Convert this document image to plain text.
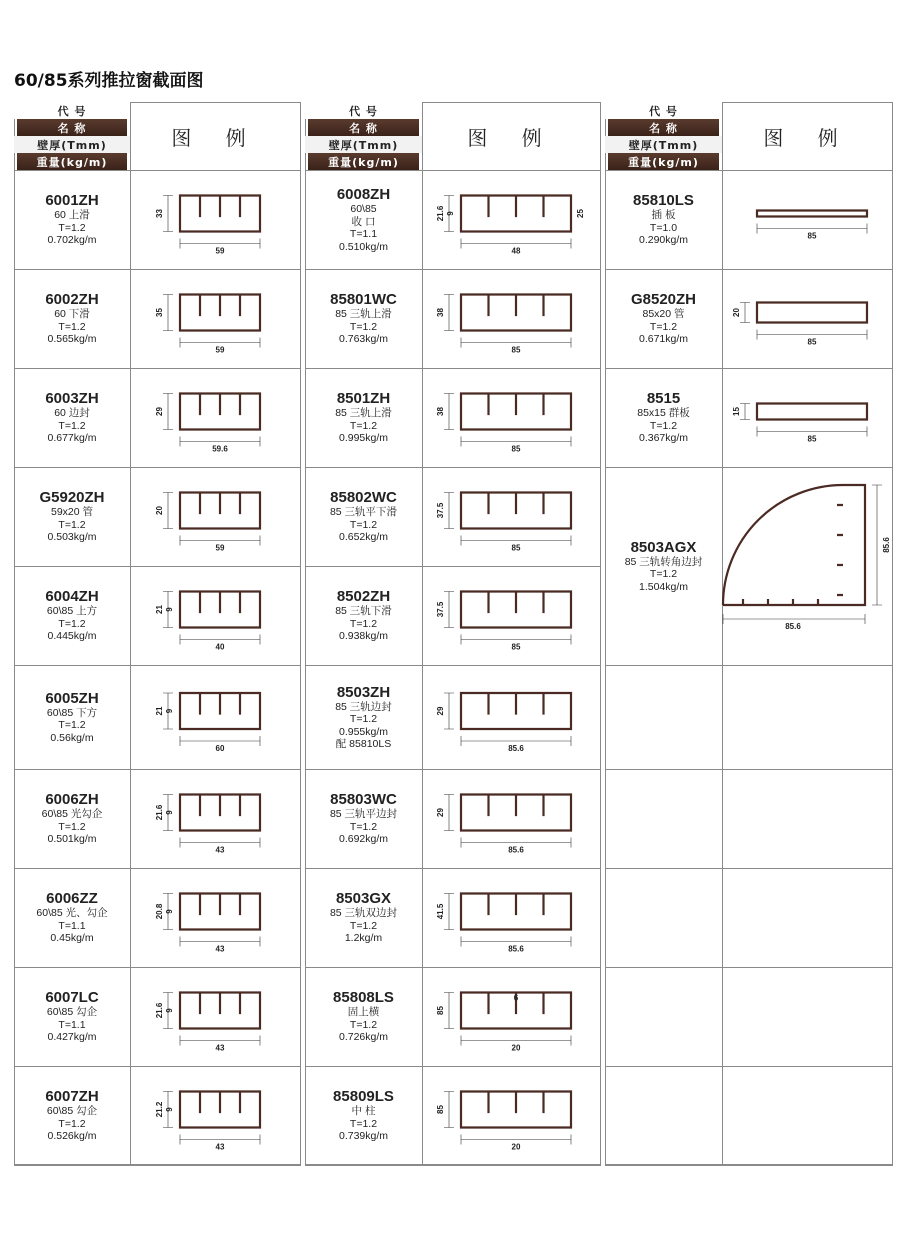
60/85系列推拉窗截面图
代 号
名 称
壁厚(Tmm)
重量(kg/m)
图 例
6001ZH
60 上滑
T=1.2
0.702kg/m
59
33
6002ZH
60 下滑
T=1.2
0.565kg/m
59
35
6003ZH
60 边封
T=1.2
0.677kg/m
59.6
29
G5920ZH
59x20 管
T=1.2
0.503kg/m
59
20
6004ZH
60\85 上方
T=1.2
0.445kg/m
40
21 9
6005ZH
60\85 下方
T=1.2
0.56kg/m
60
21 9
6006ZH
60\85 光勾企
T=1.2
0.501kg/m
43
21.6 9
6006ZZ
60\85 光、勾企
T=1.1
0.45kg/m
43
20.8 9
6007LC
60\85 勾企
T=1.1
0.427kg/m
43
21.6 9
6007ZH
60\85 勾企
T=1.2
0.526kg/m
43
21.2 9
代 号
名 称
壁厚(Tmm)
重量(kg/m)
图 例
6008ZH
60\85
收 口
T=1.1
0.510kg/m	48
21.6 9	25
85801WC
85 三轨上滑
T=1.2
0.763kg/m
85
38
8501ZH
85 三轨上滑
T=1.2
0.995kg/m
85
38
85802WC
85 三轨平下滑
T=1.2
0.652kg/m
85
37.5
8502ZH
85 三轨下滑
T=1.2
0.938kg/m
85
37.5
8503ZH
85 三轨边封
T=1.2
0.955kg/m
配 85810LS	85.6
29
85803WC
85 三轨平边封
T=1.2
0.692kg/m
85.6
29
8503GX
85 三轨双边封
T=1.2
1.2kg/m
85.6
41.5
85808LS
固上横
T=1.2
0.726kg/m
20
85
6
85809LS
中 柱
T=1.2
0.739kg/m
20
85
代 号
名 称
壁厚(Tmm)
重量(kg/m)
图 例
85810LS
插 板
T=1.0
0.290kg/m	85
G8520ZH
85x20 管
T=1.2
0.671kg/m	85
20
8515
85x15 群板
T=1.2
0.367kg/m	85
15
8503AGX
85 三轨转角边封
T=1.2
1.504kg/m
85.6
85.6
